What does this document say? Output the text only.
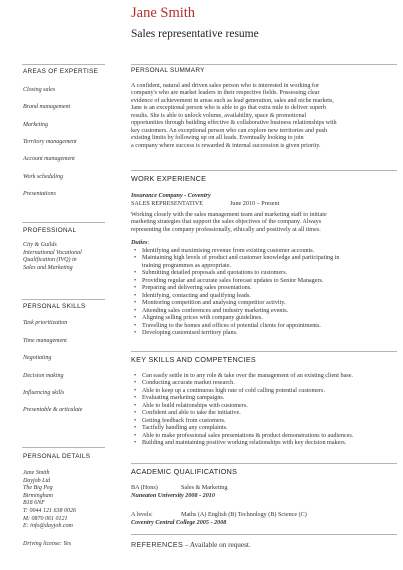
Jane Smith
Sales representative resume
AREAS OF EXPERTISE
Closing sales
Brand management
Marketing
Territory management
Account management
Work scheduling
Presentations
PROFESSIONAL
City & Guilds
International Vocational
Qualification (IVQ) in
Sales and Marketing
PERSONAL SKILLS
Task prioritization
Time management
Negotiating
Decision making
Influencing skills
Presentable & articulate
PERSONAL DETAILS
Jane Smith
Dayjob Ltd
The Big Peg
Birmingham
B18 6NF
T: 0044 121 638 0026
M: 0870 061 0121
E: info@dayjob.com
Driving license: Yes
PERSONAL SUMMARY
A confident, natural and driven sales person who is interested in working for
company's who are market leaders in their respective fields. Possessing clear
evidence of achievement in areas such as lead generation, sales and niche markets,
Jane is an exceptional person who is able to go that extra mile to deliver superb
results. She is able to unlock volume, availability, space & promotional
opportunities through building effective & collaborative business relationships with
key customers. An exceptional person who can explore new territories and push
existing limits by following up on all leads. Eventually looking to join
a company where success is rewarded & internal succession is given priority.
WORK EXPERIENCE
Insurance Company - Coventry
SALES REPRESENTATIVE	June 2010 – Present
Working closely with the sales management team and marketing staff to initiate
marketing strategies that support the sales objectives of the company. Always
representing the company professionally, ethically and positively at all times.
Duties:
• Identifying and maximising revenue from existing customer accounts.
• Maintaining high levels of product and customer knowledge and participating in
training programmes as appropriate.
• Submitting detailed proposals and quotations to customers.
• Providing regular and accurate sales forecast updates to Senior Managers.
• Preparing and delivering sales presentations.
• Identifying, contacting and qualifying leads.
• Monitoring competition and analysing competitor activity.
• Attending sales conferences and industry marketing events.
• Aligning selling prices with company guidelines.
• Travelling to the homes and offices of potential clients for appointments.
• Developing customised territory plans.
KEY SKILLS AND COMPETENCIES
• Can easily settle in to any role & take over the management of an existing client base.
• Conducting accurate market research.
• Able to keep up a continuous high rate of cold calling potential customers.
• Evaluating marketing campaigns.
• Able to build relationships with customers.
• Confident and able to take the initiative.
• Getting feedback from customers.
• Tactfully handling any complaints.
• Able to make professional sales presentations & product demonstrations to audiences.
• Building and maintaining positive working relationships with key decision makers.
ACADEMIC QUALIFICATIONS
BA (Hons)	Sales & Marketing
Nuneaton University 2008 - 2010
A levels:	Maths (A) English (B) Technology (B) Science (C)
Coventry Central College 2005 - 2008
REFERENCES – Available on request.
